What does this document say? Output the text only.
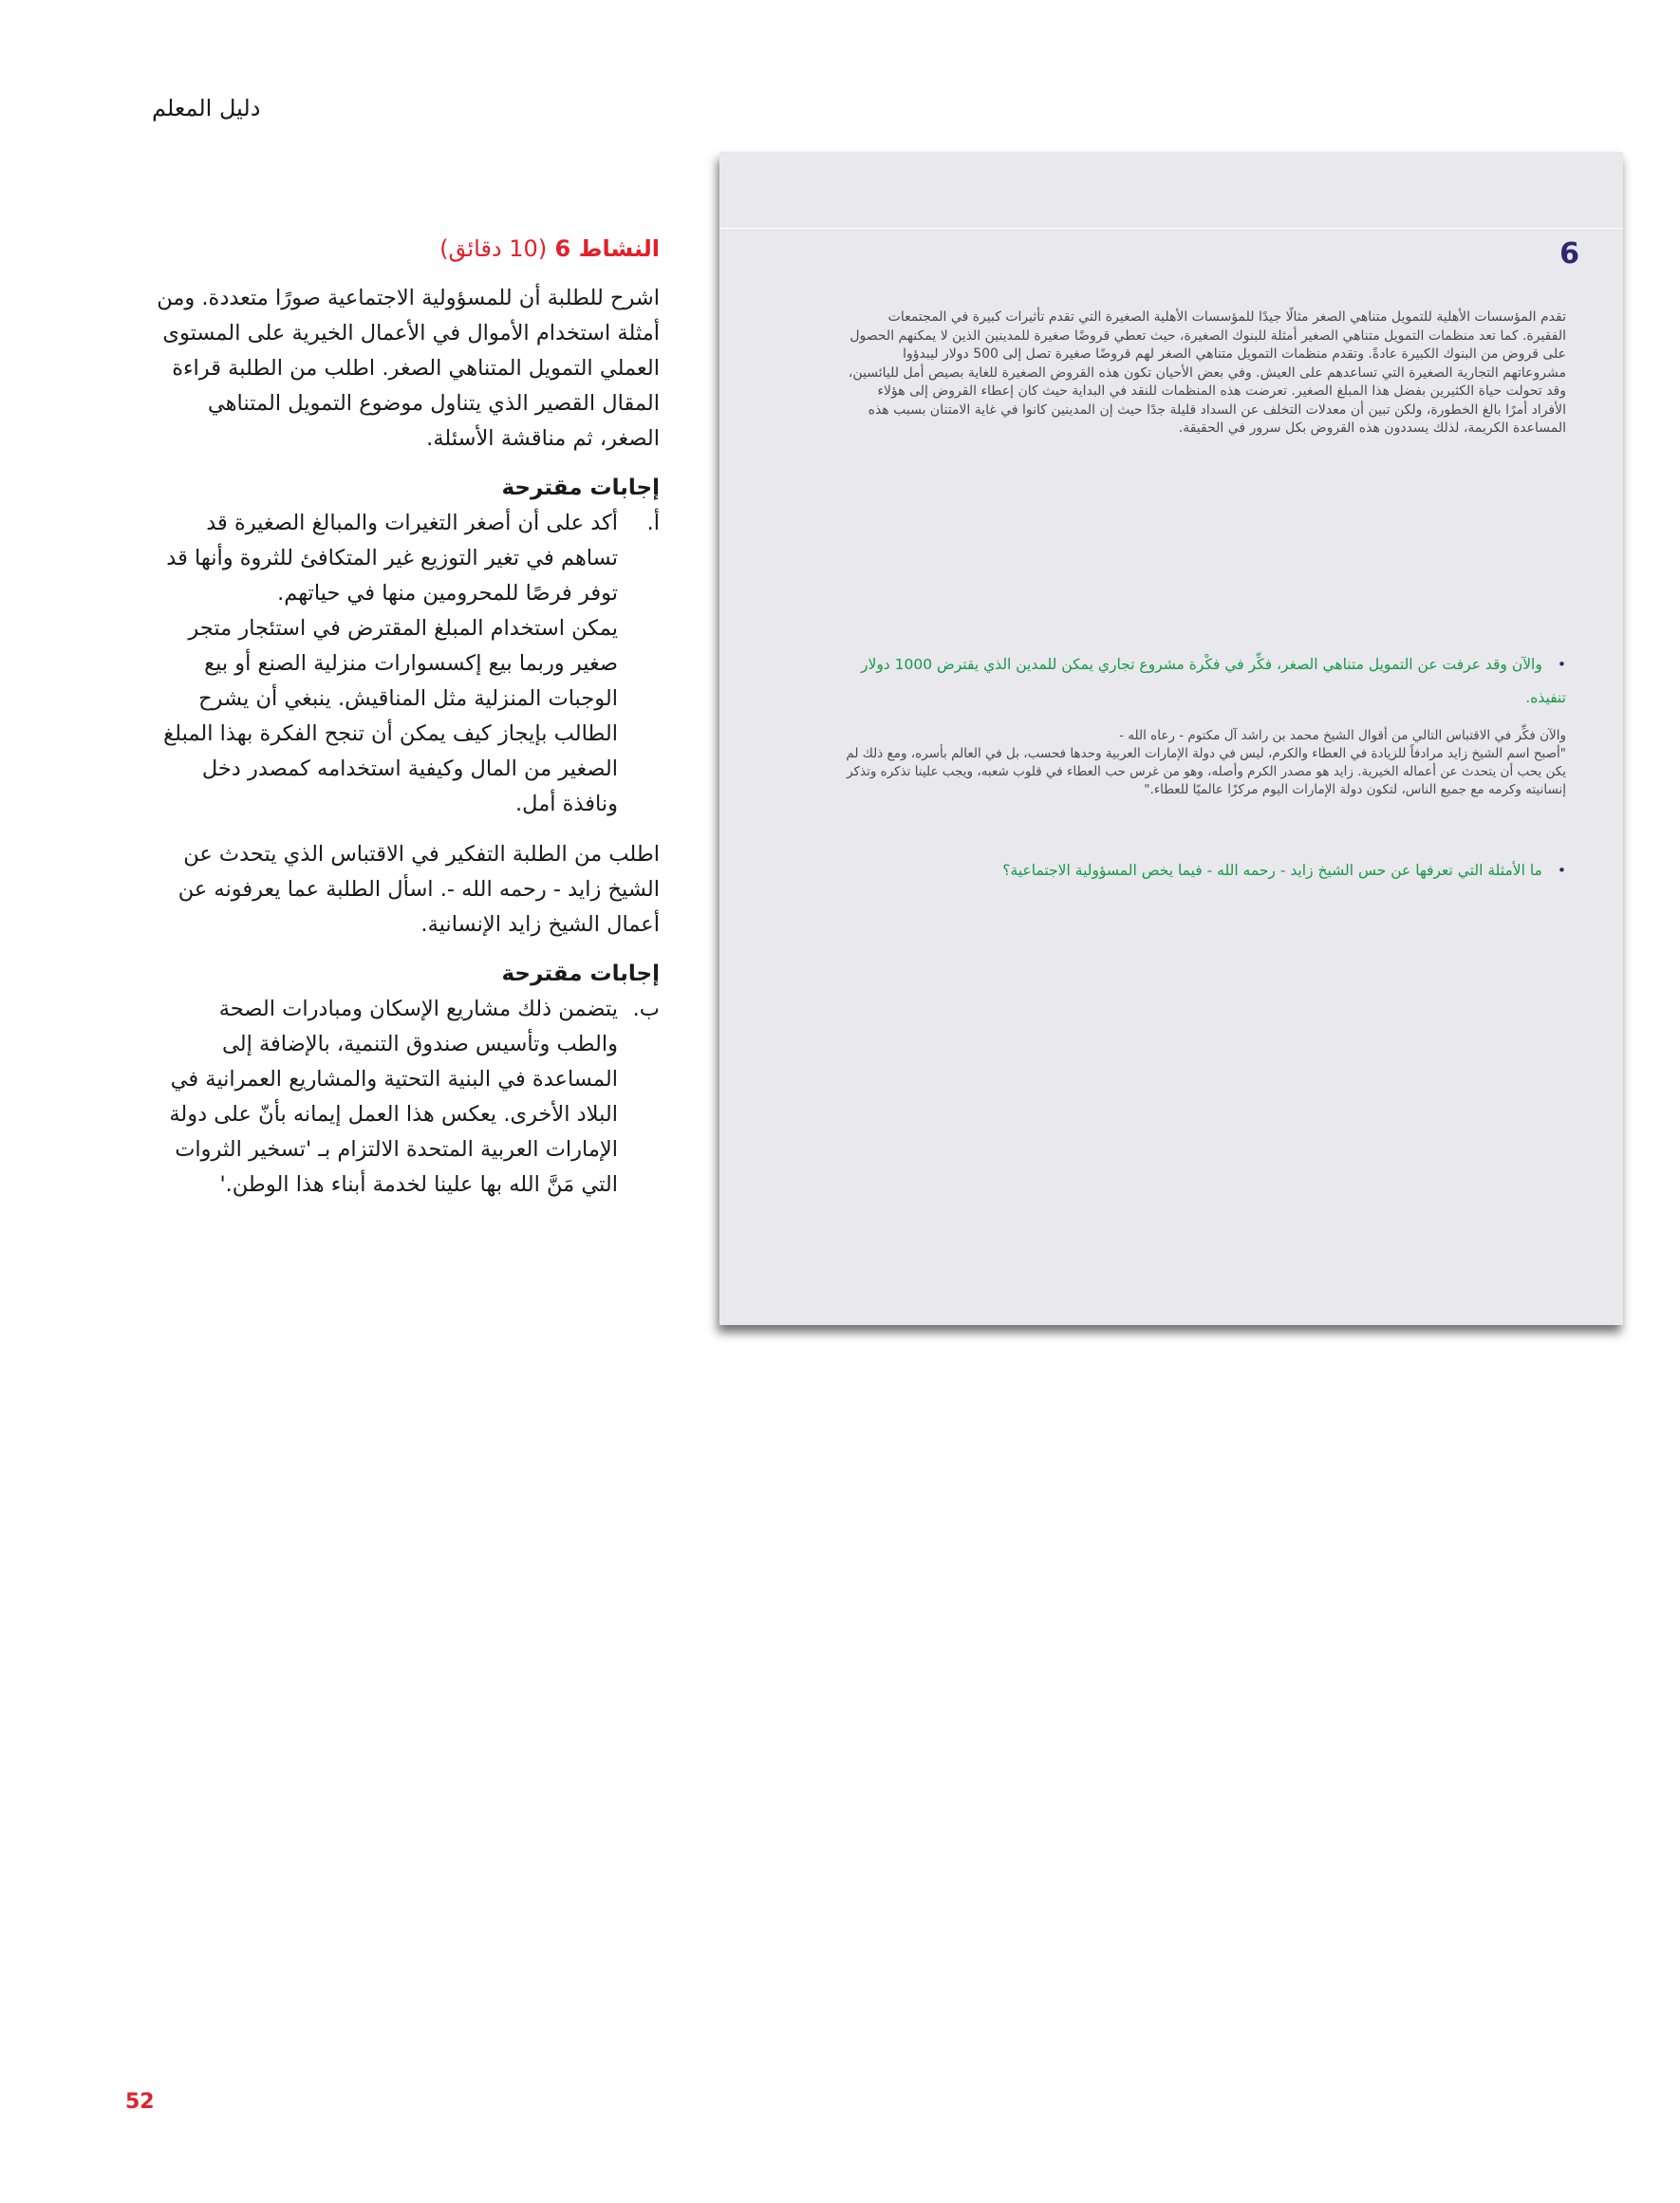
دليل المعلم
النشاط 6 (10 دقائق)

اشرح للطلبة أن للمسؤولية الاجتماعية صورًا متعددة. ومن أمثلة استخدام الأموال في الأعمال الخيرية على المستوى العملي التمويل المتناهي الصغر. اطلب من الطلبة قراءة المقال القصير الذي يتناول موضوع التمويل المتناهي الصغر، ثم مناقشة الأسئلة.

إجابات مقترحة
أ.
أكد على أن أصغر التغيرات والمبالغ الصغيرة قد تساهم في تغير التوزيع غير المتكافئ للثروة وأنها قد توفر فرصًا للمحرومين منها في حياتهم.
يمكن استخدام المبلغ المقترض في استئجار متجر صغير وربما بيع إكسسوارات منزلية الصنع أو بيع الوجبات المنزلية مثل المناقيش. ينبغي أن يشرح الطالب بإيجاز كيف يمكن أن تنجح الفكرة بهذا المبلغ الصغير من المال وكيفية استخدامه كمصدر دخل ونافذة أمل.

اطلب من الطلبة التفكير في الاقتباس الذي يتحدث عن الشيخ زايد - رحمه الله -. اسأل الطلبة عما يعرفونه عن أعمال الشيخ زايد الإنسانية.

إجابات مقترحة
ب.
يتضمن ذلك مشاريع الإسكان ومبادرات الصحة والطب وتأسيس صندوق التنمية، بالإضافة إلى المساعدة في البنية التحتية والمشاريع العمرانية في البلاد الأخرى. يعكس هذا العمل إيمانه بأنّ على دولة الإمارات العربية المتحدة الالتزام بـ 'تسخير الثروات التي مَنَّ الله بها علينا لخدمة أبناء هذا الوطن.'
6
تقدم المؤسسات الأهلية للتمويل متناهي الصغر مثالًا جيدًا للمؤسسات الأهلية الصغيرة التي تقدم تأثيرات كبيرة في المجتمعات الفقيرة. كما تعد منظمات التمويل متناهي الصغير أمثلة للبنوك الصغيرة، حيث تعطي قروضًا صغيرة للمدينين الذين لا يمكنهم الحصول على قروض من البنوك الكبيرة عادةً. وتقدم منظمات التمويل متناهي الصغر لهم قروضًا صغيرة تصل إلى 500 دولار ليبدؤوا مشروعاتهم التجارية الصغيرة التي تساعدهم على العيش. وفي بعض الأحيان تكون هذه القروض الصغيرة للغاية بصيص أمل لليائسين، وقد تحولت حياة الكثيرين بفضل هذا المبلغ الصغير. تعرضت هذه المنظمات للنقد في البداية حيث كان إعطاء القروض إلى هؤلاء الأفراد أمرًا بالغ الخطورة، ولكن تبين أن معدلات التخلف عن السداد قليلة جدًا حيث إن المدينين كانوا في غاية الامتنان بسبب هذه المساعدة الكريمة، لذلك يسددون هذه القروض بكل سرور في الحقيقة.
•والآن وقد عرفت عن التمويل متناهي الصغر، فكِّر في فكْرة مشروع تجاري يمكن للمدين الذي يقترض 1000 دولار تنفيذه.
والآن فكِّر في الاقتباس التالي من أقوال الشيخ محمد بن راشد آل مكتوم - رعاه الله -
"أصبح اسم الشيخ زايد مرادفاً للزيادة في العطاء والكرم، ليس في دولة الإمارات العربية وحدها فحسب، بل في العالم بأسره، ومع ذلك لم يكن يحب أن يتحدث عن أعماله الخيرية. زايد هو مصدر الكرم وأصله، وهو من غرس حب العطاء في قلوب شعبه، ويجب علينا تذكره وتذكر إنسانيته وكرمه مع جميع الناس، لتكون دولة الإمارات اليوم مركزًا عالميًا للعطاء."
•ما الأمثلة التي تعرفها عن حس الشيخ زايد - رحمه الله - فيما يخص المسؤولية الاجتماعية؟
52
